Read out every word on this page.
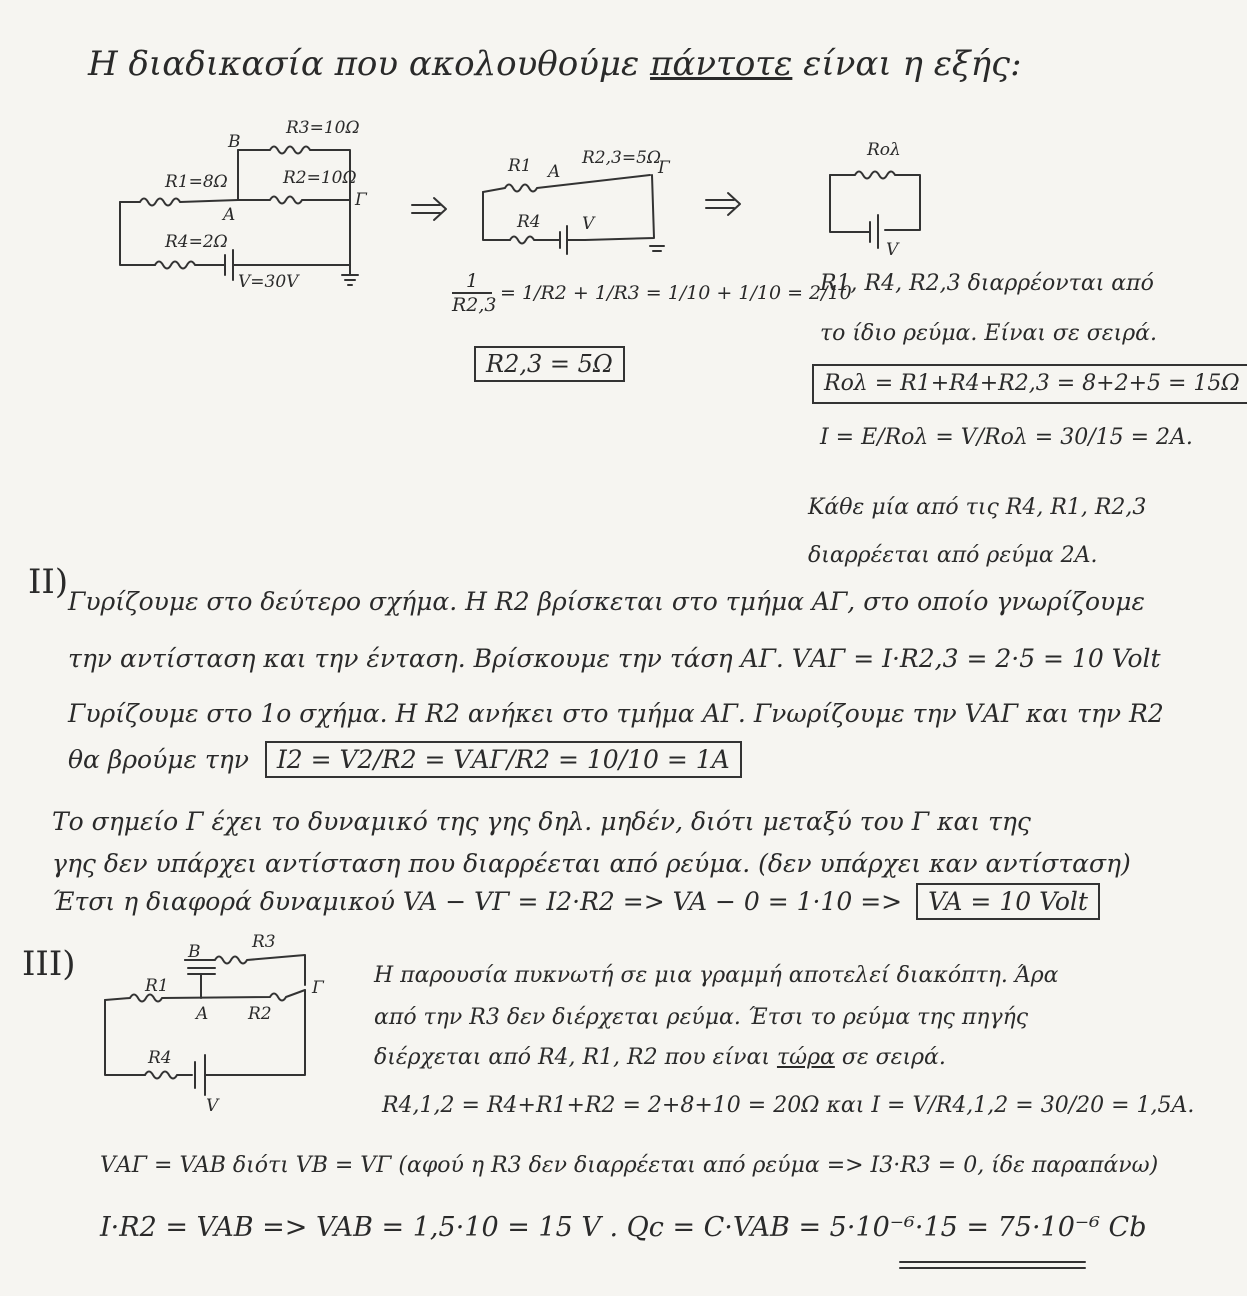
Η διαδικασία που ακολουθούμε πάντοτε είναι η εξής:
R3=10Ω
B
R2=10Ω
R1=8Ω
A
Γ
R4=2Ω
V=30V
R1 A
R2,3=5Ω
Γ
R4 V
Rολ
V
$\frac{1}{R2,3} = 1/R2 + 1/R3 = 1/10 + 1/10 = 2/10$
R2,3 = 5Ω
R1, R4, R2,3 διαρρέονται από
το ίδιο ρεύμα. Είναι σε σειρά.
Rολ = R1+R4+R2,3 = 8+2+5 = 15Ω
I = E/Rολ = V/Rολ = 30/15 = 2A.
Κάθε μία από τις R4, R1, R2,3
διαρρέεται από ρεύμα 2A.
II) Γυρίζουμε στο δεύτερο σχήμα. Η R2 βρίσκεται στο τμήμα ΑΓ, στο οποίο γνωρίζουμε
την αντίσταση και την ένταση. Βρίσκουμε την τάση ΑΓ. VΑΓ = I·R2,3 = 2·5 = 10 Volt
Γυρίζουμε στο 1ο σχήμα. Η R2 ανήκει στο τμήμα ΑΓ. Γνωρίζουμε την VΑΓ και την R2
θα βρούμε την I2 = V2/R2 = VΑΓ/R2 = 10/10 = 1A
Το σημείο Γ έχει το δυναμικό της γης δηλ. μηδέν, διότι μεταξύ του Γ και της
γης δεν υπάρχει αντίσταση που διαρρέεται από ρεύμα. (δεν υπάρχει καν αντίσταση)
Έτσι η διαφορά δυναμικού VA − VΓ = I2·R2 => VA − 0 = 1·10 => VA = 10 Volt
III)	B	R3
R1	Γ
A R2
R4
V
Η παρουσία πυκνωτή σε μια γραμμή αποτελεί διακόπτη. Άρα
από την R3 δεν διέρχεται ρεύμα. Έτσι το ρεύμα της πηγής
διέρχεται από R4, R1, R2 που είναι τώρα σε σειρά.
R4,1,2 = R4+R1+R2 = 2+8+10 = 20Ω και I = V/R4,1,2 = 30/20 = 1,5A.
VΑΓ = VAB διότι VB = VΓ (αφού η R3 δεν διαρρέεται από ρεύμα => I3·R3 = 0, ίδε παραπάνω)
I·R2 = VAB => VAB = 1,5·10 = 15 V . Qc = C·VAB = 5·10⁻⁶·15 = 75·10⁻⁶ Cb
